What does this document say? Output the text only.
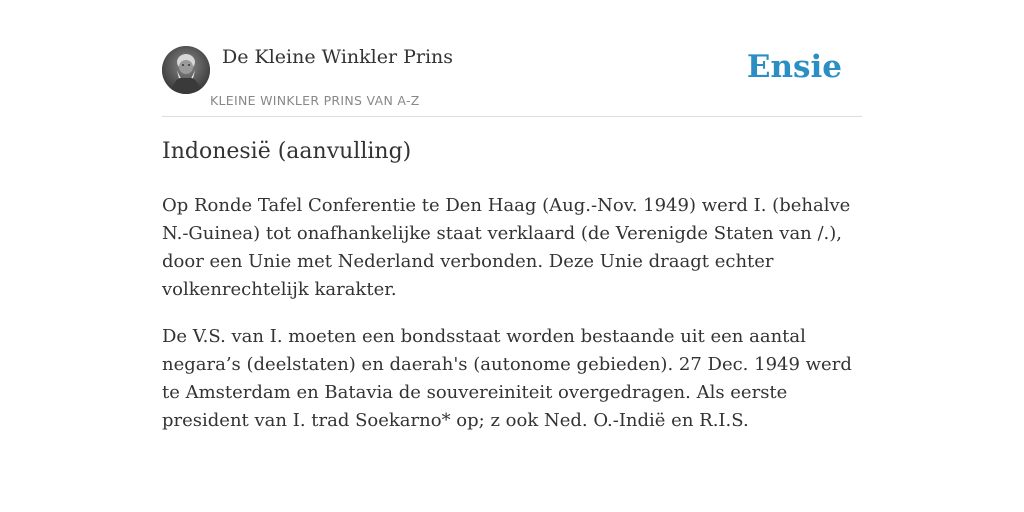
De Kleine Winkler Prins
KLEINE WINKLER PRINS VAN A-Z
Ensie
Indonesië (aanvulling)

Op Ronde Tafel Conferentie te Den Haag (Aug.-Nov. 1949) werd I. (behalve N.-Guinea) tot onafhankelijke staat verklaard (de Verenigde Staten van /.), door een Unie met Nederland verbonden. Deze Unie draagt echter volkenrechtelijk karakter.

De V.S. van I. moeten een bondsstaat worden bestaande uit een aantal negara’s (deelstaten) en daerah's (autonome gebieden). 27 Dec. 1949 werd te Amsterdam en Batavia de souvereiniteit overgedragen. Als eerste president van I. trad Soekarno* op; z ook Ned. O.-Indië en R.I.S.
